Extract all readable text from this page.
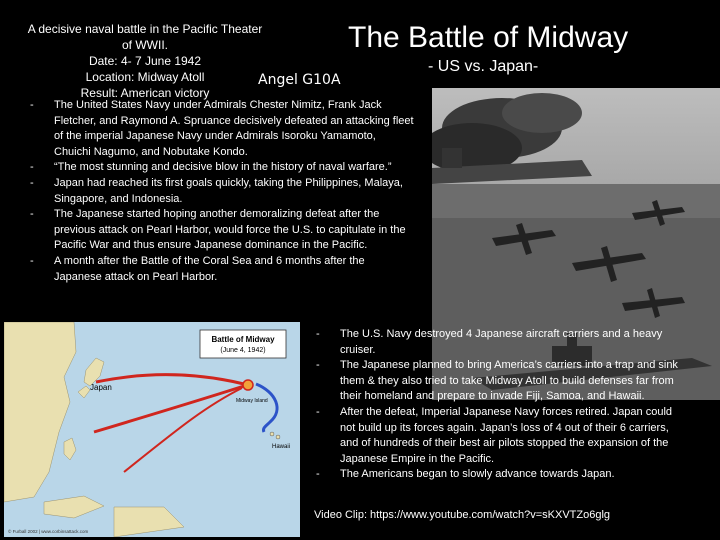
A decisive naval battle in the Pacific Theater
of WWII.
Date: 4- 7 June 1942
Location: Midway Atoll
Result: American victory
The Battle of Midway
- US vs. Japan-
Angel G10A
- The United States Navy under Admirals Chester Nimitz, Frank Jack Fletcher, and Raymond A. Spruance decisively defeated an attacking fleet of the imperial Japanese Navy under Admirals Isoroku Yamamoto, Chuichi Nagumo, and Nobutake Kondo.
- “The most stunning and decisive blow in the history of naval warfare.”
- Japan had reached its first goals quickly, taking the Philippines, Malaya, Singapore, and Indonesia.
- The Japanese started hoping another demoralizing defeat after the previous attack on Pearl Harbor, would force the U.S. to capitulate in the Pacific War and thus ensure Japanese dominance in the Pacific.
- A month after the Battle of the Coral Sea and 6 months after the Japanese attack on Pearl Harbor.
Battle of Midway
(June 4, 1942)
Japan
Midway Island
Hawaii
© Furball 2002 | www.corbinsattack.com
- The U.S. Navy destroyed 4 Japanese aircraft carriers and a heavy cruiser.
- The Japanese planned to bring America’s carriers into a trap and sink them & they also tried to take Midway Atoll to build defenses far from their homeland and prepare to invade Fiji, Samoa, and Hawaii.
- After the defeat, Imperial Japanese Navy forces retired. Japan could not build up its forces again. Japan’s loss of 4 out of their 6 carriers, and of hundreds of their best air pilots stopped the expansion of the Japanese Empire in the Pacific.
- The Americans began to slowly advance towards Japan.
Video Clip: https://www.youtube.com/watch?v=sKXVTZo6glg
